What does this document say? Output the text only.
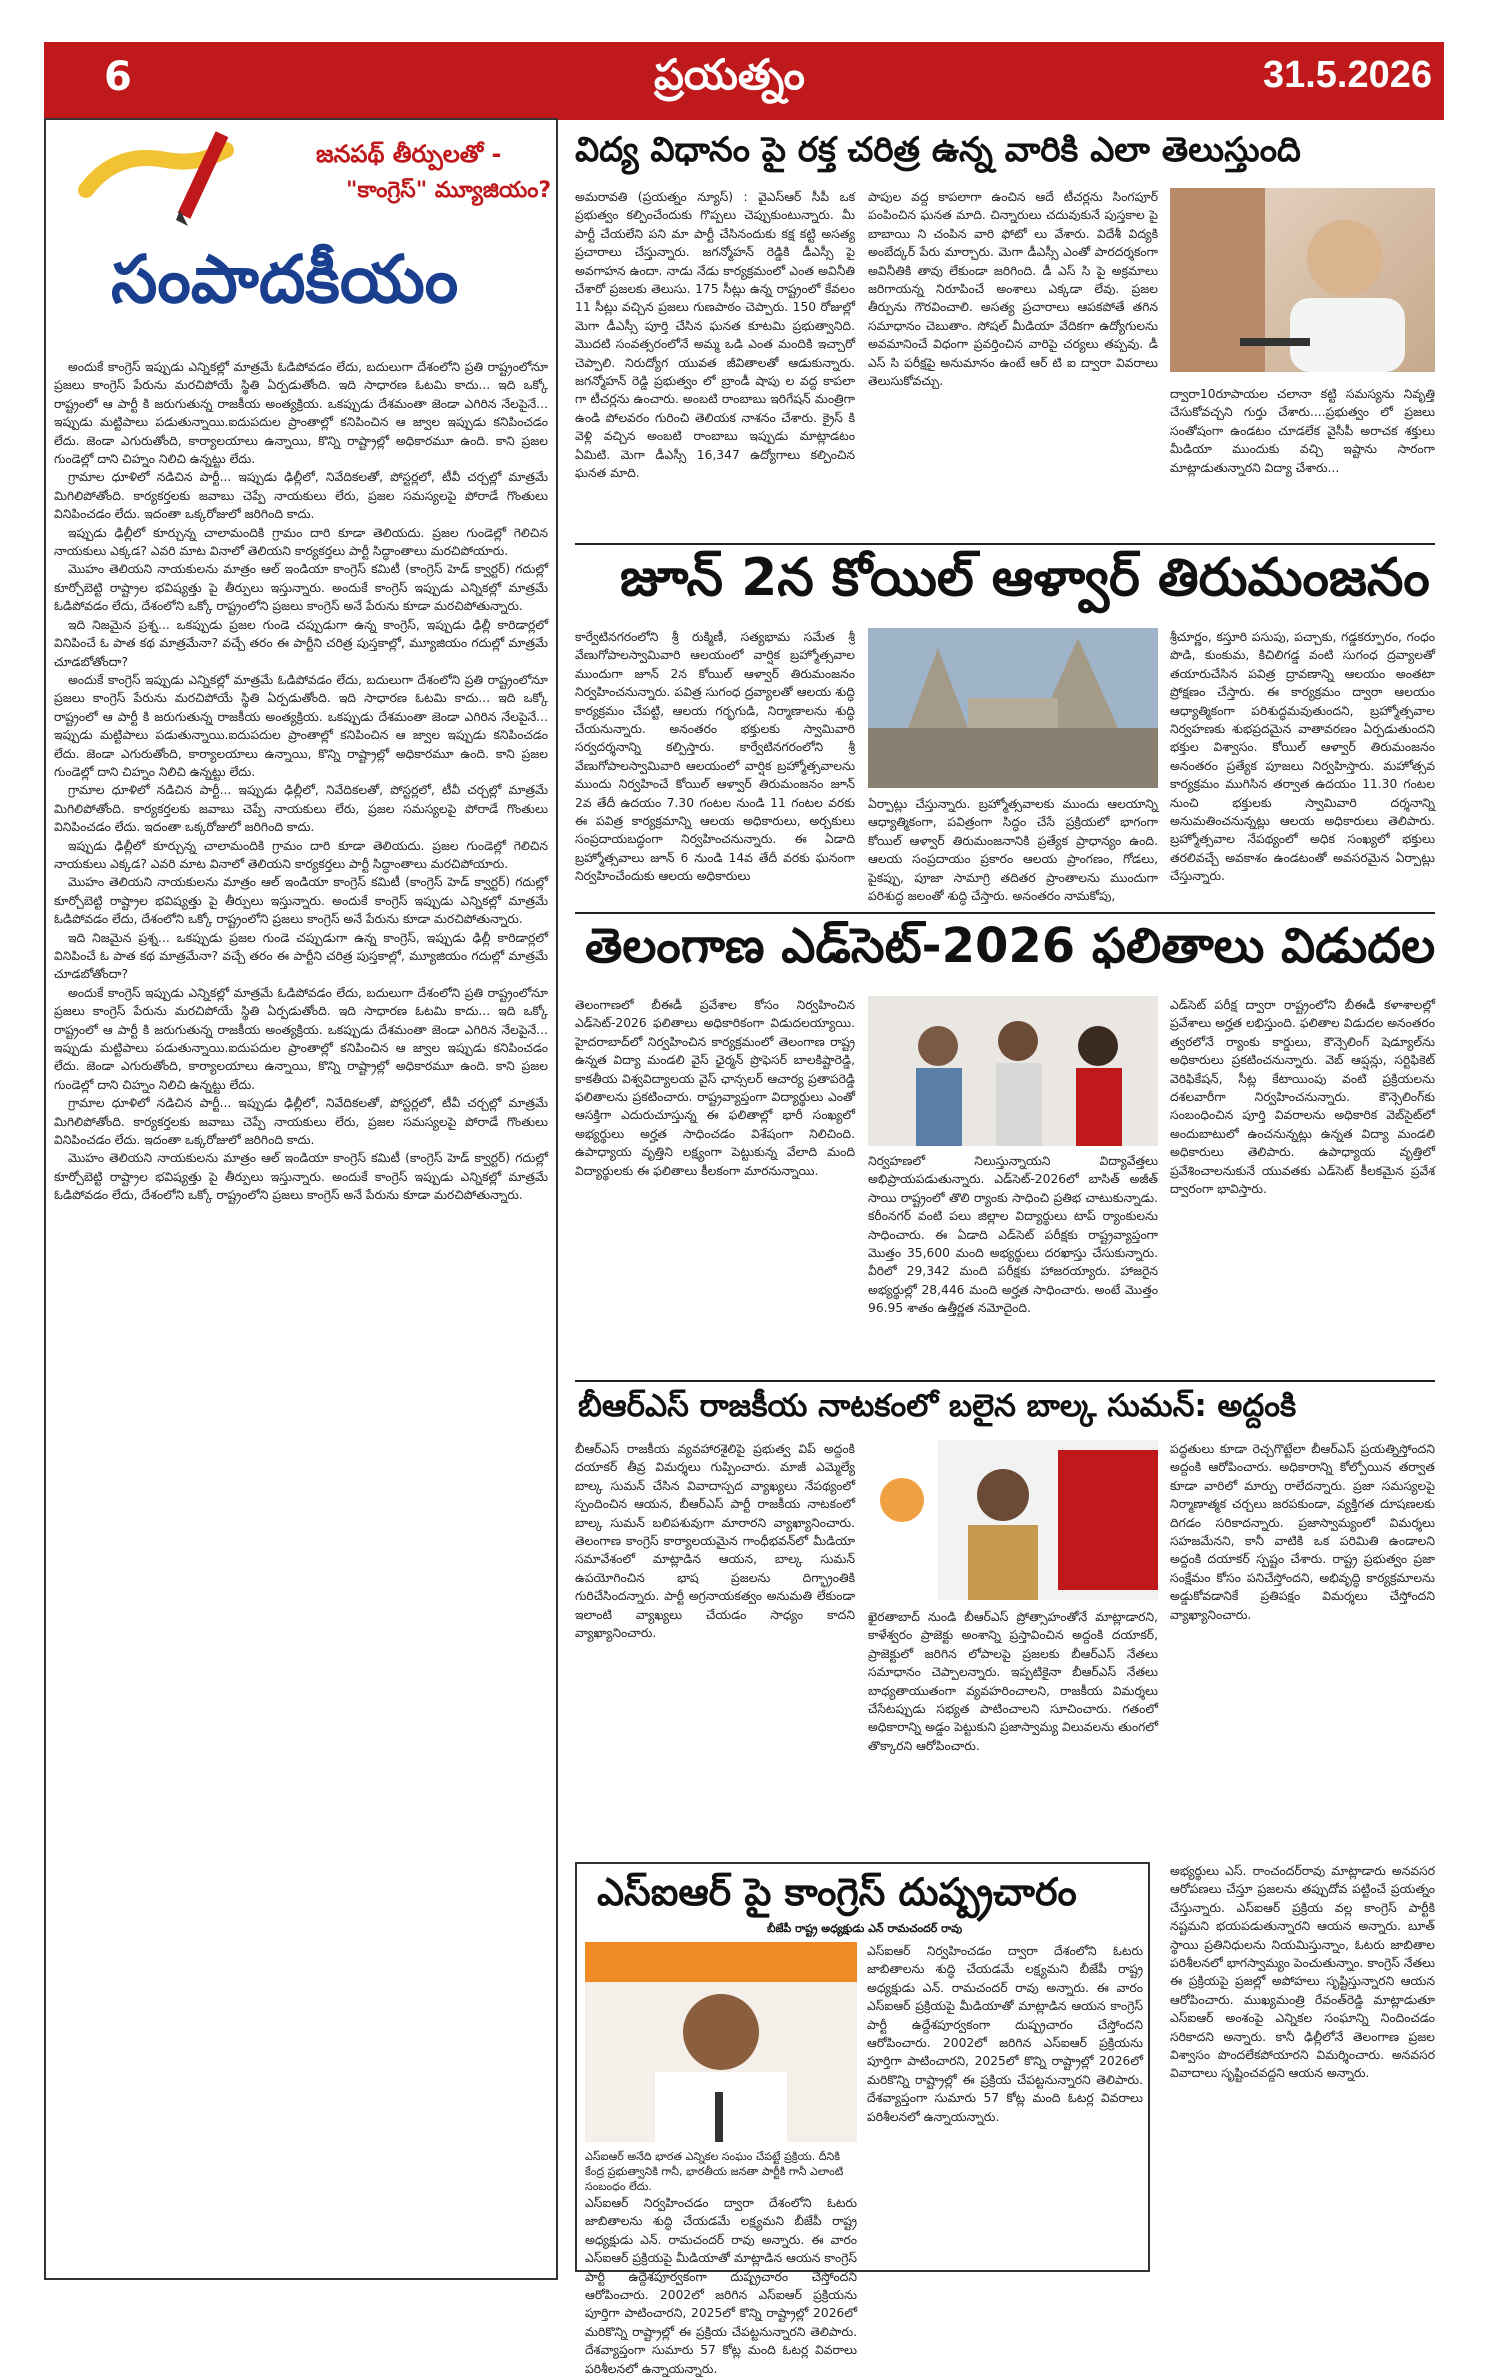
6	ప్రయత్నం	31.5.2026
జనపథ్ తీర్పులతో -
"కాంగ్రెస్" మ్యూజియం?
సంపాదకీయం

అందుకే కాంగ్రెస్ ఇప్పుడు ఎన్నికల్లో మాత్రమే ఓడిపోవడం లేదు, బదులుగా దేశంలోని ప్రతి రాష్ట్రంలోనూ ప్రజలు కాంగ్రెస్ పేరును మరచిపోయే స్థితి ఏర్పడుతోంది. ఇది సాధారణ ఓటమి కాదు... ఇది ఒక్కో రాష్ట్రంలో ఆ పార్టీ కి జరుగుతున్న రాజకీయ అంత్యక్రియ. ఒకప్పుడు దేశమంతా జెండా ఎగిరిన నేలపైనే... ఇప్పుడు మట్టిపాలు పడుతున్నాయి.ఐదుపదుల ప్రాంతాల్లో కనిపించిన ఆ జ్వాల ఇప్పుడు కనిపించడం లేదు. జెండా ఎగురుతోంది, కార్యాలయాలు ఉన్నాయి, కొన్ని రాష్ట్రాల్లో అధికారమూ ఉంది. కాని ప్రజల గుండెల్లో దాని చిహ్నం నిలిచి ఉన్నట్టు లేదు.

గ్రామాల ధూళిలో నడిచిన పార్టీ... ఇప్పుడు ఢిల్లీలో, నివేదికలతో, పోస్టర్లలో, టీవీ చర్చల్లో మాత్రమే మిగిలిపోతోంది. కార్యకర్తలకు జవాబు చెప్పే నాయకులు లేరు, ప్రజల సమస్యలపై పోరాడే గొంతులు వినిపించడం లేదు. ఇదంతా ఒక్కరోజులో జరిగింది కాదు.

ఇప్పుడు ఢిల్లీలో కూర్చున్న చాలామందికి గ్రామం దారి కూడా తెలియదు. ప్రజల గుండెల్లో గెలిచిన నాయకులు ఎక్కడ? ఎవరి మాట వినాలో తెలియని కార్యకర్తలు పార్టీ సిద్ధాంతాలు మరచిపోయారు.

మొహం తెలియని నాయకులను మాత్రం ఆల్ ఇండియా కాంగ్రెస్ కమిటీ (కాంగ్రెస్ హెడ్ క్వార్టర్) గదుల్లో కూర్చోబెట్టి రాష్ట్రాల భవిష్యత్తు పై తీర్పులు ఇస్తున్నారు. అందుకే కాంగ్రెస్ ఇప్పుడు ఎన్నికల్లో మాత్రమే ఓడిపోవడం లేదు, దేశంలోని ఒక్కో రాష్ట్రంలోని ప్రజలు కాంగ్రెస్ అనే పేరును కూడా మరచిపోతున్నారు.

ఇది నిజమైన ప్రశ్న... ఒకప్పుడు ప్రజల గుండె చప్పుడుగా ఉన్న కాంగ్రెస్, ఇప్పుడు ఢిల్లీ కారిడార్లలో వినిపించే ఓ పాత కథ మాత్రమేనా? వచ్చే తరం ఈ పార్టీని చరిత్ర పుస్తకాల్లో, మ్యూజియం గదుల్లో మాత్రమే చూడబోతోందా?

అందుకే కాంగ్రెస్ ఇప్పుడు ఎన్నికల్లో మాత్రమే ఓడిపోవడం లేదు, బదులుగా దేశంలోని ప్రతి రాష్ట్రంలోనూ ప్రజలు కాంగ్రెస్ పేరును మరచిపోయే స్థితి ఏర్పడుతోంది. ఇది సాధారణ ఓటమి కాదు... ఇది ఒక్కో రాష్ట్రంలో ఆ పార్టీ కి జరుగుతున్న రాజకీయ అంత్యక్రియ. ఒకప్పుడు దేశమంతా జెండా ఎగిరిన నేలపైనే... ఇప్పుడు మట్టిపాలు పడుతున్నాయి.ఐదుపదుల ప్రాంతాల్లో కనిపించిన ఆ జ్వాల ఇప్పుడు కనిపించడం లేదు. జెండా ఎగురుతోంది, కార్యాలయాలు ఉన్నాయి, కొన్ని రాష్ట్రాల్లో అధికారమూ ఉంది. కాని ప్రజల గుండెల్లో దాని చిహ్నం నిలిచి ఉన్నట్టు లేదు.

గ్రామాల ధూళిలో నడిచిన పార్టీ... ఇప్పుడు ఢిల్లీలో, నివేదికలతో, పోస్టర్లలో, టీవీ చర్చల్లో మాత్రమే మిగిలిపోతోంది. కార్యకర్తలకు జవాబు చెప్పే నాయకులు లేరు, ప్రజల సమస్యలపై పోరాడే గొంతులు వినిపించడం లేదు. ఇదంతా ఒక్కరోజులో జరిగింది కాదు.

ఇప్పుడు ఢిల్లీలో కూర్చున్న చాలామందికి గ్రామం దారి కూడా తెలియదు. ప్రజల గుండెల్లో గెలిచిన నాయకులు ఎక్కడ? ఎవరి మాట వినాలో తెలియని కార్యకర్తలు పార్టీ సిద్ధాంతాలు మరచిపోయారు.

మొహం తెలియని నాయకులను మాత్రం ఆల్ ఇండియా కాంగ్రెస్ కమిటీ (కాంగ్రెస్ హెడ్ క్వార్టర్) గదుల్లో కూర్చోబెట్టి రాష్ట్రాల భవిష్యత్తు పై తీర్పులు ఇస్తున్నారు. అందుకే కాంగ్రెస్ ఇప్పుడు ఎన్నికల్లో మాత్రమే ఓడిపోవడం లేదు, దేశంలోని ఒక్కో రాష్ట్రంలోని ప్రజలు కాంగ్రెస్ అనే పేరును కూడా మరచిపోతున్నారు.

ఇది నిజమైన ప్రశ్న... ఒకప్పుడు ప్రజల గుండె చప్పుడుగా ఉన్న కాంగ్రెస్, ఇప్పుడు ఢిల్లీ కారిడార్లలో వినిపించే ఓ పాత కథ మాత్రమేనా? వచ్చే తరం ఈ పార్టీని చరిత్ర పుస్తకాల్లో, మ్యూజియం గదుల్లో మాత్రమే చూడబోతోందా?

అందుకే కాంగ్రెస్ ఇప్పుడు ఎన్నికల్లో మాత్రమే ఓడిపోవడం లేదు, బదులుగా దేశంలోని ప్రతి రాష్ట్రంలోనూ ప్రజలు కాంగ్రెస్ పేరును మరచిపోయే స్థితి ఏర్పడుతోంది. ఇది సాధారణ ఓటమి కాదు... ఇది ఒక్కో రాష్ట్రంలో ఆ పార్టీ కి జరుగుతున్న రాజకీయ అంత్యక్రియ. ఒకప్పుడు దేశమంతా జెండా ఎగిరిన నేలపైనే... ఇప్పుడు మట్టిపాలు పడుతున్నాయి.ఐదుపదుల ప్రాంతాల్లో కనిపించిన ఆ జ్వాల ఇప్పుడు కనిపించడం లేదు. జెండా ఎగురుతోంది, కార్యాలయాలు ఉన్నాయి, కొన్ని రాష్ట్రాల్లో అధికారమూ ఉంది. కాని ప్రజల గుండెల్లో దాని చిహ్నం నిలిచి ఉన్నట్టు లేదు.

గ్రామాల ధూళిలో నడిచిన పార్టీ... ఇప్పుడు ఢిల్లీలో, నివేదికలతో, పోస్టర్లలో, టీవీ చర్చల్లో మాత్రమే మిగిలిపోతోంది. కార్యకర్తలకు జవాబు చెప్పే నాయకులు లేరు, ప్రజల సమస్యలపై పోరాడే గొంతులు వినిపించడం లేదు. ఇదంతా ఒక్కరోజులో జరిగింది కాదు.

మొహం తెలియని నాయకులను మాత్రం ఆల్ ఇండియా కాంగ్రెస్ కమిటీ (కాంగ్రెస్ హెడ్ క్వార్టర్) గదుల్లో కూర్చోబెట్టి రాష్ట్రాల భవిష్యత్తు పై తీర్పులు ఇస్తున్నారు. అందుకే కాంగ్రెస్ ఇప్పుడు ఎన్నికల్లో మాత్రమే ఓడిపోవడం లేదు, దేశంలోని ఒక్కో రాష్ట్రంలోని ప్రజలు కాంగ్రెస్ అనే పేరును కూడా మరచిపోతున్నారు.

విద్య విధానం పై రక్త చరిత్ర ఉన్న వారికి ఎలా తెలుస్తుంది
అమరావతి (ప్రయత్నం న్యూస్) : వైఎస్ఆర్ సీపీ ఒక ప్రభుత్వం కల్పించేందుకు గొప్పలు చెప్పుకుంటున్నారు. మీ పార్టీ చేయలేని పని మా పార్టీ చేసినందుకు కక్ష కట్టి అసత్య ప్రచారాలు చేస్తున్నారు. జగన్మోహన్ రెడ్డికి డీఎస్సీ పై అవగాహన ఉందా. నాడు నేడు కార్యక్రమంలో ఎంత అవినీతి చేశారో ప్రజలకు తెలుసు. 175 సీట్లు ఉన్న రాష్ట్రంలో కేవలం 11 సీట్లు వచ్చిన ప్రజలు గుణపాఠం చెప్పారు. 150 రోజుల్లో మెగా డీఎస్సీ పూర్తి చేసిన ఘనత కూటమి ప్రభుత్వానిది. మొదటి సంవత్సరంలోనే అమ్మ ఒడి ఎంత మందికి ఇచ్చారో చెప్పాలి. నిరుద్యోగ యువత జీవితాలతో ఆడుకున్నారు. జగన్మోహన్ రెడ్డి ప్రభుత్వం లో బ్రాండీ షాపు ల వద్ద కాపలా గా టీచర్లను ఉంచారు. అంబటి రాంబాబు ఇరిగేషన్ మంత్రిగా ఉండి పోలవరం గురించి తెలియక నాశనం చేశారు. క్రైస్ కి వెళ్లి వచ్చిన అంబటి రాంబాబు ఇప్పుడు మాట్లాడటం ఏమిటి. మెగా డీఎస్సీ 16,347 ఉద్యోగాలు కల్పించిన ఘనత మాది.
పాపుల వద్ద కాపలాగా ఉంచిన ఆదే టీచర్లను సింగపూర్ పంపించిన ఘనత మాది. చిన్నారులు చదువుకునే పుస్తకాల పై బాబాయి ని చంపిన వారి ఫోటో లు వేశారు. విదేశీ విద్యకి అంబేద్కర్ పేరు మార్చారు. మెగా డీఎస్సీ ఎంతో పారదర్శకంగా అవినీతికి తావు లేకుండా జరిగింది. డీ ఎస్ సి పై అక్రమాలు జరిగాయన్న నిరూపించే అంశాలు ఎక్కడా లేవు. ప్రజల తీర్పును గౌరవించాలి. అసత్య ప్రచారాలు ఆపకపోతే తగిన సమాధానం చెబుతాం. సోషల్ మీడియా వేదికగా ఉద్యోగులను అవమానించే విధంగా ప్రవర్తించిన వారిపై చర్యలు తప్పవు. డీ ఎస్ సి పరీక్షపై అనుమానం ఉంటే ఆర్ టి ఐ ద్వారా వివరాలు తెలుసుకోవచ్చు.
ద్వారా10రూపాయల చలానా కట్టి సమస్యను నివృత్తి చేసుకోవచ్చని గుర్తు చేశారు....ప్రభుత్వం లో ప్రజలు సంతోషంగా ఉండటం చూడలేక వైసీపీ అరాచక శక్తులు మీడియా ముందుకు వచ్చి ఇష్టాను సారంగా మాట్లాడుతున్నారని విద్యా చేశారు...
జూన్ 2న కోయిల్ ఆళ్వార్ తిరుమంజనం
కార్వేటినగరంలోని శ్రీ రుక్మిణీ, సత్యభామ సమేత శ్రీ వేణుగోపాలస్వామివారి ఆలయంలో వార్షిక బ్రహ్మోత్సవాల ముందుగా జూన్ 2న కోయిల్ ఆళ్వార్ తిరుమంజనం నిర్వహించనున్నారు. పవిత్ర సుగంధ ద్రవ్యాలతో ఆలయ శుద్ధి కార్యక్రమం చేపట్టి, ఆలయ గర్భగుడి, నిర్మాణాలను శుద్ధి చేయనున్నారు. అనంతరం భక్తులకు స్వామివారి సర్వదర్శనాన్ని కల్పిస్తారు. కార్వేటినగరంలోని శ్రీ వేణుగోపాలస్వామివారి ఆలయంలో వార్షిక బ్రహ్మోత్సవాలను ముందు నిర్వహించే కోయిల్ ఆళ్వార్ తిరుమంజనం జూన్ 2వ తేదీ ఉదయం 7.30 గంటల నుండి 11 గంటల వరకు ఈ పవిత్ర కార్యక్రమాన్ని ఆలయ అధికారులు, అర్చకులు సంప్రదాయబద్ధంగా నిర్వహించనున్నారు. ఈ ఏడాది బ్రహ్మోత్సవాలు జూన్ 6 నుండి 14వ తేదీ వరకు ఘనంగా నిర్వహించేందుకు ఆలయ అధికారులు
ఏర్పాట్లు చేస్తున్నారు. బ్రహ్మోత్సవాలకు ముందు ఆలయాన్ని ఆధ్యాత్మికంగా, పవిత్రంగా సిద్ధం చేసే ప్రక్రియలో భాగంగా కోయిల్ ఆళ్వార్ తిరుమంజనానికి ప్రత్యేక ప్రాధాన్యం ఉంది. ఆలయ సంప్రదాయం ప్రకారం ఆలయ ప్రాంగణం, గోడలు, పైకప్పు, పూజా సామాగ్రి తదితర ప్రాంతాలను ముందుగా పరిశుద్ధ జలంతో శుద్ధి చేస్తారు. అనంతరం నామకోపు,
శ్రీచూర్ణం, కస్తూరి పసుపు, పచ్చాకు, గడ్డకర్పూరం, గంధం పొడి, కుంకుమ, కిచిలిగడ్డ వంటి సుగంధ ద్రవ్యాలతో తయారుచేసిన పవిత్ర ద్రావణాన్ని ఆలయం అంతటా ప్రోక్షణం చేస్తారు. ఈ కార్యక్రమం ద్వారా ఆలయం ఆధ్యాత్మికంగా పరిశుద్ధమవుతుందని, బ్రహ్మోత్సవాల నిర్వహణకు శుభప్రదమైన వాతావరణం ఏర్పడుతుందని భక్తుల విశ్వాసం. కోయిల్ ఆళ్వార్ తిరుమంజనం అనంతరం ప్రత్యేక పూజలు నిర్వహిస్తారు. మహోత్సవ కార్యక్రమం ముగిసిన తర్వాత ఉదయం 11.30 గంటల నుంచి భక్తులకు స్వామివారి దర్శనాన్ని అనుమతించనున్నట్లు ఆలయ అధికారులు తెలిపారు. బ్రహ్మోత్సవాల నేపథ్యంలో అధిక సంఖ్యలో భక్తులు తరలివచ్చే అవకాశం ఉండటంతో అవసరమైన ఏర్పాట్లు చేస్తున్నారు.
తెలంగాణ ఎడ్‌సెట్-2026 ఫలితాలు విడుదల
తెలంగాణలో బీఈడీ ప్రవేశాల కోసం నిర్వహించిన ఎడ్‌సెట్-2026 ఫలితాలు అధికారికంగా విడుదలయ్యాయి. హైదరాబాద్‌లో నిర్వహించిన కార్యక్రమంలో తెలంగాణ రాష్ట్ర ఉన్నత విద్యా మండలి వైస్ ఛైర్మన్ ప్రొఫెసర్ బాలకిష్టారెడ్డి, కాకతీయ విశ్వవిద్యాలయ వైస్ ఛాన్సలర్ ఆచార్య ప్రతాపరెడ్డి ఫలితాలను ప్రకటించారు. రాష్ట్రవ్యాప్తంగా విద్యార్థులు ఎంతో ఆసక్తిగా ఎదురుచూస్తున్న ఈ ఫలితాల్లో భారీ సంఖ్యలో అభ్యర్థులు అర్హత సాధించడం విశేషంగా నిలిచింది. ఉపాధ్యాయ వృత్తిని లక్ష్యంగా పెట్టుకున్న వేలాది మంది విద్యార్థులకు ఈ ఫలితాలు కీలకంగా మారనున్నాయి.
నిర్వహణలో నిలుస్తున్నాయని విద్యావేత్తలు అభిప్రాయపడుతున్నారు. ఎడ్‌సెట్-2026లో బాసిత్ అజీత్ సాయి రాష్ట్రంలో తొలి ర్యాంకు సాధించి ప్రతిభ చాటుకున్నాడు. కరీంనగర్ వంటి పలు జిల్లాల విద్యార్థులు టాప్ ర్యాంకులను సాధించారు. ఈ ఏడాది ఎడ్‌సెట్ పరీక్షకు రాష్ట్రవ్యాప్తంగా మొత్తం 35,600 మంది అభ్యర్థులు దరఖాస్తు చేసుకున్నారు. వీరిలో 29,342 మంది పరీక్షకు హాజరయ్యారు. హాజరైన అభ్యర్థుల్లో 28,446 మంది అర్హత సాధించారు. అంటే మొత్తం 96.95 శాతం ఉత్తీర్ణత నమోదైంది.
ఎడ్‌సెట్ పరీక్ష ద్వారా రాష్ట్రంలోని బీఈడీ కళాశాలల్లో ప్రవేశాలు అర్హత లభిస్తుంది. ఫలితాల విడుదల అనంతరం త్వరలోనే ర్యాంకు కార్డులు, కౌన్సెలింగ్ షెడ్యూల్‌ను అధికారులు ప్రకటించనున్నారు. వెబ్ ఆప్షన్లు, సర్టిఫికెట్ వెరిఫికేషన్, సీట్ల కేటాయింపు వంటి ప్రక్రియలను దశలవారీగా నిర్వహించనున్నారు. కౌన్సెలింగ్‌కు సంబంధించిన పూర్తి వివరాలను అధికారిక వెబ్‌సైట్‌లో అందుబాటులో ఉంచనున్నట్లు ఉన్నత విద్యా మండలి అధికారులు తెలిపారు. ఉపాధ్యాయ వృత్తిలో ప్రవేశించాలనుకునే యువతకు ఎడ్‌సెట్ కీలకమైన ప్రవేశ ద్వారంగా భావిస్తారు.
బీఆర్ఎస్ రాజకీయ నాటకంలో బలైన బాల్క సుమన్: అద్దంకి
బీఆర్ఎస్ రాజకీయ వ్యవహారశైలిపై ప్రభుత్వ విప్ అద్దంకి దయాకర్ తీవ్ర విమర్శలు గుప్పించారు. మాజీ ఎమ్మెల్యే బాల్క సుమన్ చేసిన వివాదాస్పద వ్యాఖ్యలు నేపథ్యంలో స్పందించిన ఆయన, బీఆర్ఎస్ పార్టీ రాజకీయ నాటకంలో బాల్క సుమన్ బలిపశువుగా మారారని వ్యాఖ్యానించారు. తెలంగాణ కాంగ్రెస్ కార్యాలయమైన గాంధీభవన్‌లో మీడియా సమావేశంలో మాట్లాడిన ఆయన, బాల్క సుమన్ ఉపయోగించిన భాష ప్రజలను దిగ్భ్రాంతికి గురిచేసిందన్నారు. పార్టీ అగ్రనాయకత్వం అనుమతి లేకుండా ఇలాంటి వ్యాఖ్యలు చేయడం సాధ్యం కాదని వ్యాఖ్యానించారు.
ఖైరతాబాద్ నుండి బీఆర్ఎస్ ప్రోత్సాహంతోనే మాట్లాడారని, కాళేశ్వరం ప్రాజెక్టు అంశాన్ని ప్రస్తావించిన అద్దంకి దయాకర్, ప్రాజెక్టులో జరిగిన లోపాలపై ప్రజలకు బీఆర్ఎస్ నేతలు సమాధానం చెప్పాలన్నారు. ఇప్పటికైనా బీఆర్ఎస్ నేతలు బాధ్యతాయుతంగా వ్యవహరించాలని, రాజకీయ విమర్శలు చేసేటప్పుడు సభ్యత పాటించాలని సూచించారు. గతంలో అధికారాన్ని అడ్డం పెట్టుకుని ప్రజాస్వామ్య విలువలను తుంగలో తొక్కారని ఆరోపించారు.
పద్ధతులు కూడా రెచ్చగొట్టేలా బీఆర్ఎస్ ప్రయత్నిస్తోందని అద్దంకి ఆరోపించారు. అధికారాన్ని కోల్పోయిన తర్వాత కూడా వారిలో మార్పు రాలేదన్నారు. ప్రజా సమస్యలపై నిర్మాణాత్మక చర్చలు జరపకుండా, వ్యక్తిగత దూషణలకు దిగడం సరికాదన్నారు. ప్రజాస్వామ్యంలో విమర్శలు సహజమేనని, కానీ వాటికి ఒక పరిమితి ఉండాలని అద్దంకి దయాకర్ స్పష్టం చేశారు. రాష్ట్ర ప్రభుత్వం ప్రజా సంక్షేమం కోసం పనిచేస్తోందని, అభివృద్ధి కార్యక్రమాలను అడ్డుకోవడానికే ప్రతిపక్షం విమర్శలు చేస్తోందని వ్యాఖ్యానించారు.
ఎస్ఐఆర్ పై కాంగ్రెస్ దుష్ప్రచారం
బీజేపీ రాష్ట్ర అధ్యక్షుడు ఎన్ రామచందర్ రావు
ఎస్ఐఆర్ అనేది భారత ఎన్నికల సంఘం చేపట్టే ప్రక్రియ. దీనికి కేంద్ర ప్రభుత్వానికి గానీ, భారతీయ జనతా పార్టీకి గానీ ఎలాంటి సంబంధం లేదు.
ఎస్ఐఆర్ నిర్వహించడం ద్వారా దేశంలోని ఓటరు జాబితాలను శుద్ధి చేయడమే లక్ష్యమని బీజేపీ రాష్ట్ర అధ్యక్షుడు ఎన్. రామచందర్ రావు అన్నారు. ఈ వారం ఎస్ఐఆర్ ప్రక్రియపై మీడియాతో మాట్లాడిన ఆయన కాంగ్రెస్ పార్టీ ఉద్దేశపూర్వకంగా దుష్ప్రచారం చేస్తోందని ఆరోపించారు. 2002లో జరిగిన ఎస్ఐఆర్ ప్రక్రియను పూర్తిగా పాటించారని, 2025లో కొన్ని రాష్ట్రాల్లో 2026లో మరికొన్ని రాష్ట్రాల్లో ఈ ప్రక్రియ చేపట్టనున్నారని తెలిపారు. దేశవ్యాప్తంగా సుమారు 57 కోట్ల మంది ఓటర్ల వివరాలు పరిశీలనలో ఉన్నాయన్నారు.
ఎస్ఐఆర్ నిర్వహించడం ద్వారా దేశంలోని ఓటరు జాబితాలను శుద్ధి చేయడమే లక్ష్యమని బీజేపీ రాష్ట్ర అధ్యక్షుడు ఎన్. రామచందర్ రావు అన్నారు. ఈ వారం ఎస్ఐఆర్ ప్రక్రియపై మీడియాతో మాట్లాడిన ఆయన కాంగ్రెస్ పార్టీ ఉద్దేశపూర్వకంగా దుష్ప్రచారం చేస్తోందని ఆరోపించారు. 2002లో జరిగిన ఎస్ఐఆర్ ప్రక్రియను పూర్తిగా పాటించారని, 2025లో కొన్ని రాష్ట్రాల్లో 2026లో మరికొన్ని రాష్ట్రాల్లో ఈ ప్రక్రియ చేపట్టనున్నారని తెలిపారు. దేశవ్యాప్తంగా సుమారు 57 కోట్ల మంది ఓటర్ల వివరాలు పరిశీలనలో ఉన్నాయన్నారు.
అభ్యర్థులు ఎస్. రాంచందర్‌రావు మాట్లాడారు అనవసర ఆరోపణలు చేస్తూ ప్రజలను తప్పుదోవ పట్టించే ప్రయత్నం చేస్తున్నారు. ఎస్ఐఆర్ ప్రక్రియ వల్ల కాంగ్రెస్ పార్టీకి నష్టమని భయపడుతున్నారని ఆయన అన్నారు. బూత్ స్థాయి ప్రతినిధులను నియమిస్తున్నాం, ఓటరు జాబితాల పరిశీలనలో భాగస్వామ్యం పెంచుతున్నాం. కాంగ్రెస్ నేతలు ఈ ప్రక్రియపై ప్రజల్లో అపోహలు సృష్టిస్తున్నారని ఆయన ఆరోపించారు. ముఖ్యమంత్రి రేవంత్‌రెడ్డి మాట్లాడుతూ ఎస్ఐఆర్ అంశంపై ఎన్నికల సంఘాన్ని నిందించడం సరికాదని అన్నారు. కానీ ఢిల్లీలోనే తెలంగాణ ప్రజల విశ్వాసం పొందలేకపోయారని విమర్శించారు. అనవసర వివాదాలు సృష్టించవద్దని ఆయన అన్నారు.
